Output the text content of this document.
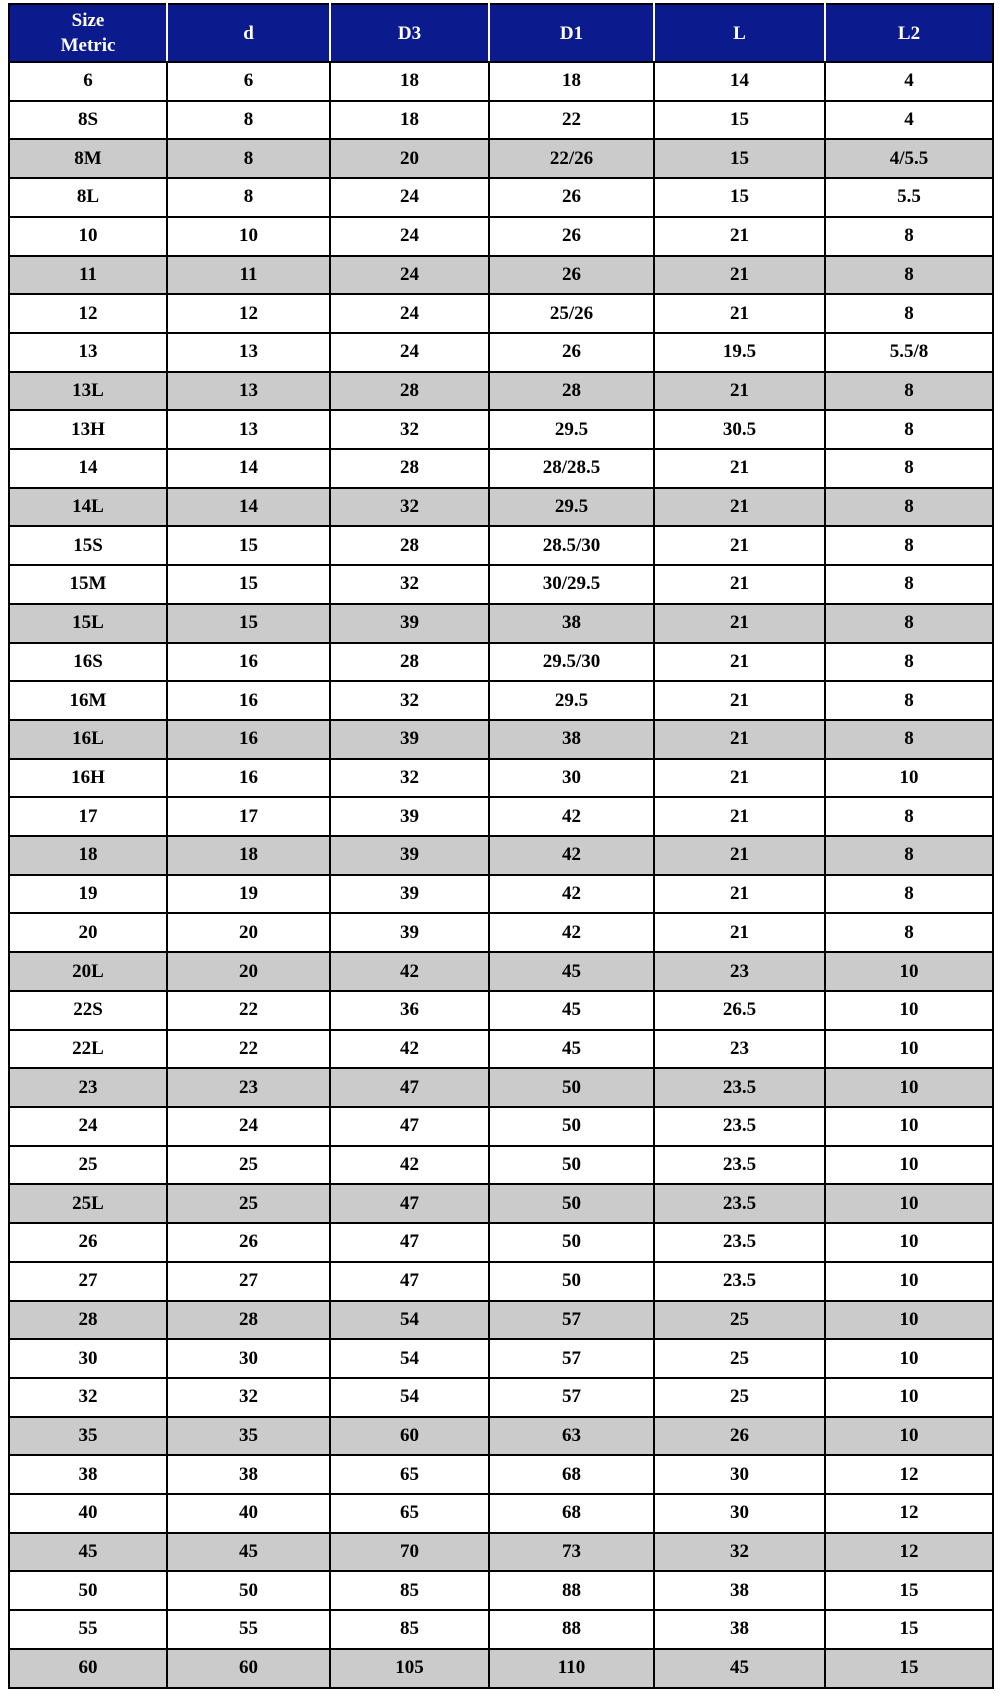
Size
Metric	d	D3	D1	L	L2
6	6	18	18	14	4
8S	8	18	22	15	4
8M	8	20	22/26	15	4/5.5
8L	8	24	26	15	5.5
10	10	24	26	21	8
11	11	24	26	21	8
12	12	24	25/26	21	8
13	13	24	26	19.5	5.5/8
13L	13	28	28	21	8
13H	13	32	29.5	30.5	8
14	14	28	28/28.5	21	8
14L	14	32	29.5	21	8
15S	15	28	28.5/30	21	8
15M	15	32	30/29.5	21	8
15L	15	39	38	21	8
16S	16	28	29.5/30	21	8
16M	16	32	29.5	21	8
16L	16	39	38	21	8
16H	16	32	30	21	10
17	17	39	42	21	8
18	18	39	42	21	8
19	19	39	42	21	8
20	20	39	42	21	8
20L	20	42	45	23	10
22S	22	36	45	26.5	10
22L	22	42	45	23	10
23	23	47	50	23.5	10
24	24	47	50	23.5	10
25	25	42	50	23.5	10
25L	25	47	50	23.5	10
26	26	47	50	23.5	10
27	27	47	50	23.5	10
28	28	54	57	25	10
30	30	54	57	25	10
32	32	54	57	25	10
35	35	60	63	26	10
38	38	65	68	30	12
40	40	65	68	30	12
45	45	70	73	32	12
50	50	85	88	38	15
55	55	85	88	38	15
60	60	105	110	45	15
